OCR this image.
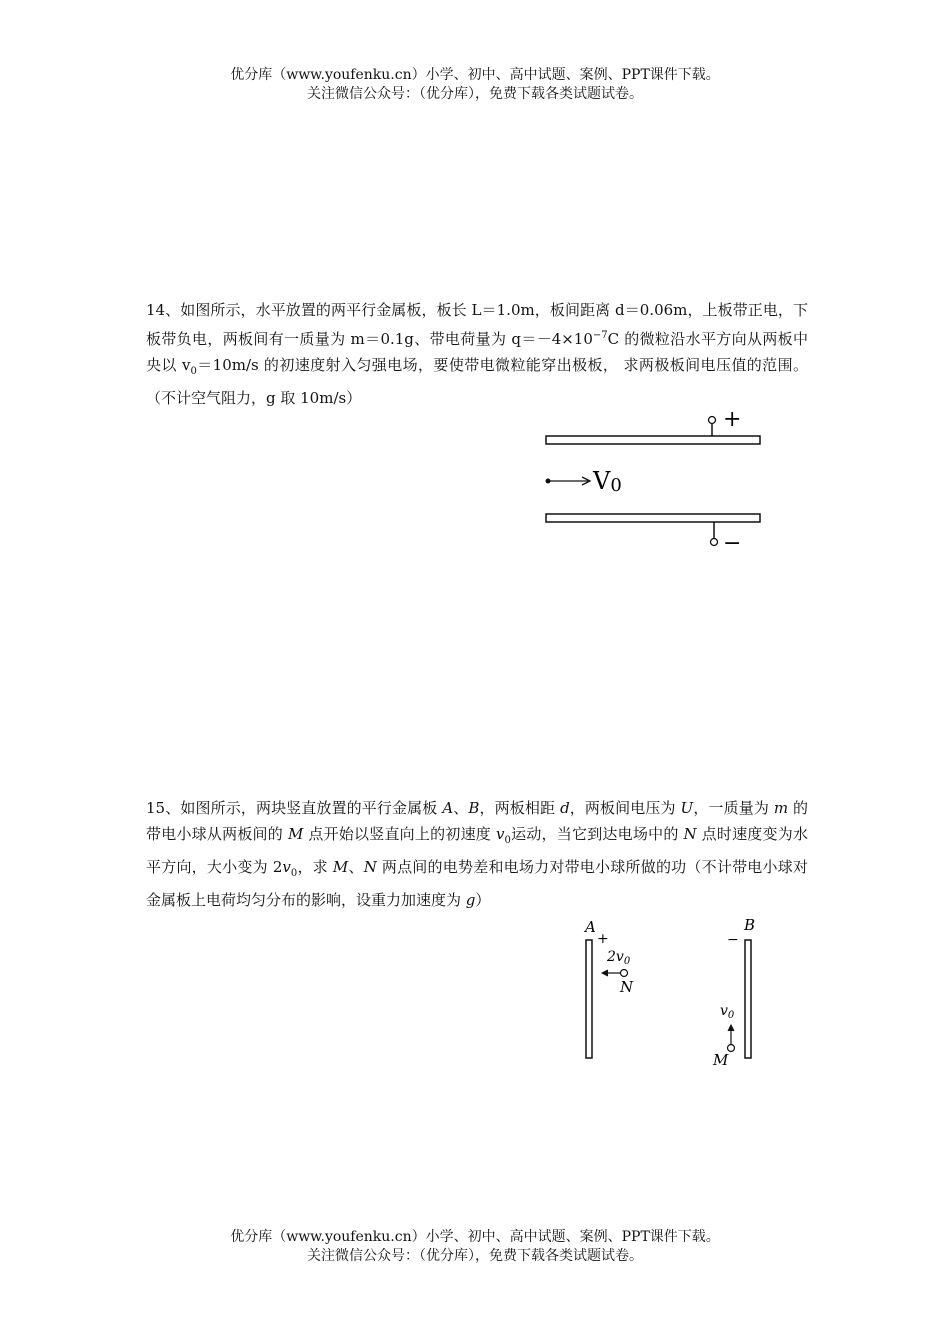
优分库（www.youfenku.cn）小学、初中、高中试题、案例、PPT课件下载。
关注微信公众号：（优分库），免费下载各类试题试卷。
14、如图所示，水平放置的两平行金属板，板长 L＝1.0m，板间距离 d＝0.06m，上板带正电，下板带负电，两板间有一质量为 m＝0.1g、带电荷量为 $q=-4\times 10^{-7}C$ 的微粒沿水平方向从两板中央以 $v_0=10m/s$ 的初速度射入匀强电场，要使带电微粒能穿出极板， 求两极板间电压值的范围。（不计空气阻力，g 取 10m/s）
+
V0
−
15、如图所示，两块竖直放置的平行金属板 A、B，两板相距 d，两板间电压为 U，一质量为 m 的带电小球从两板间的 M 点开始以竖直向上的初速度 $v_0$运动，当它到达电场中的 N 点时速度变为水平方向，大小变为 $2v_0$，求 M、N 两点间的电势差和电场力对带电小球所做的功（不计带电小球对金属板上电荷均匀分布的影响，设重力加速度为 g）
A
+
$2v_0$
N
B
−
$v_0$
M
优分库（www.youfenku.cn）小学、初中、高中试题、案例、PPT课件下载。
关注微信公众号：（优分库），免费下载各类试题试卷。
